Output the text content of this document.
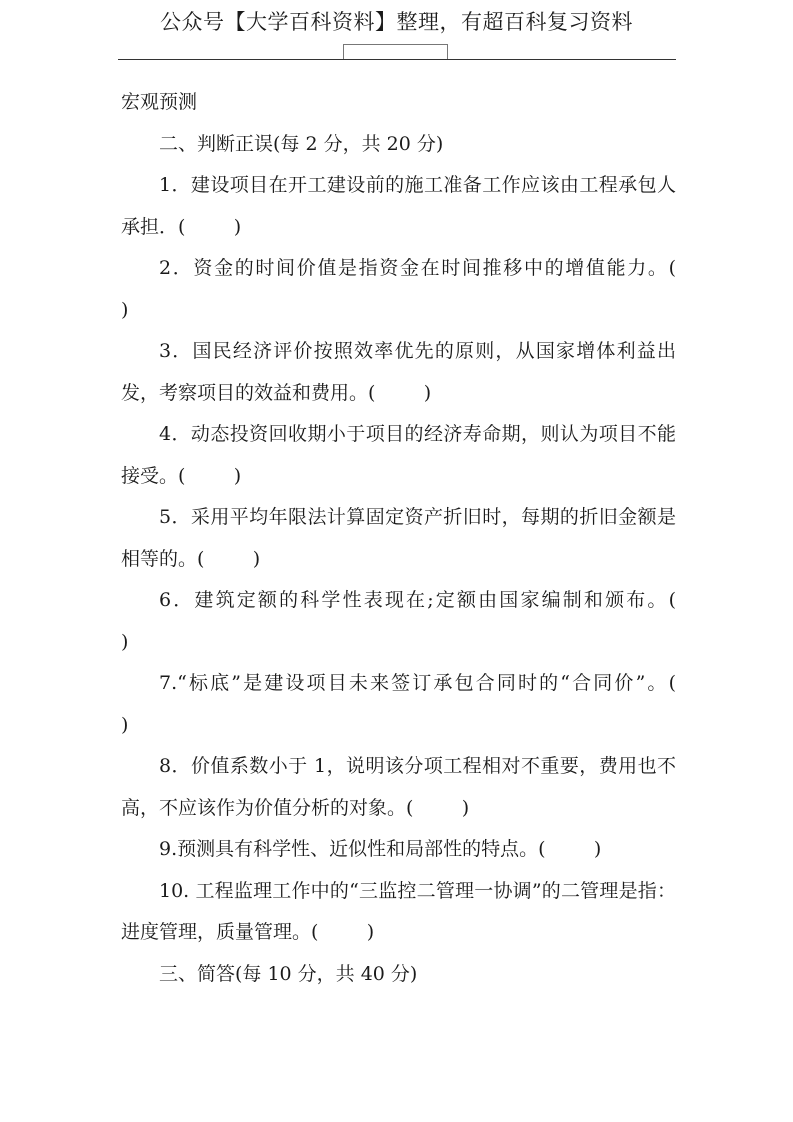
公众号【大学百科资料】整理，有超百科复习资料

宏观预测

二、判断正误(每 2 分，共 20 分)

1．建设项目在开工建设前的施工准备工作应该由工程承包人承担．(        )

2．资金的时间价值是指资金在时间推移中的增值能力。(        )

3．国民经济评价按照效率优先的原则，从国家增体利益出发，考察项目的效益和费用。(        )

4．动态投资回收期小于项目的经济寿命期，则认为项目不能接受。(        )

5．采用平均年限法计算固定资产折旧时，每期的折旧金额是相等的。(        )

6．建筑定额的科学性表现在;定额由国家编制和颁布。(        )

7.“标底”是建设项目未来签订承包合同时的“合同价”。(        )

8．价值系数小于 1，说明该分项工程相对不重要，费用也不高，不应该作为价值分析的对象。(        )

9.预测具有科学性、近似性和局部性的特点。(        )

10. 工程监理工作中的“三监控二管理一协调”的二管理是指：进度管理，质量管理。(        )

三、简答(每 10 分，共 40 分)
